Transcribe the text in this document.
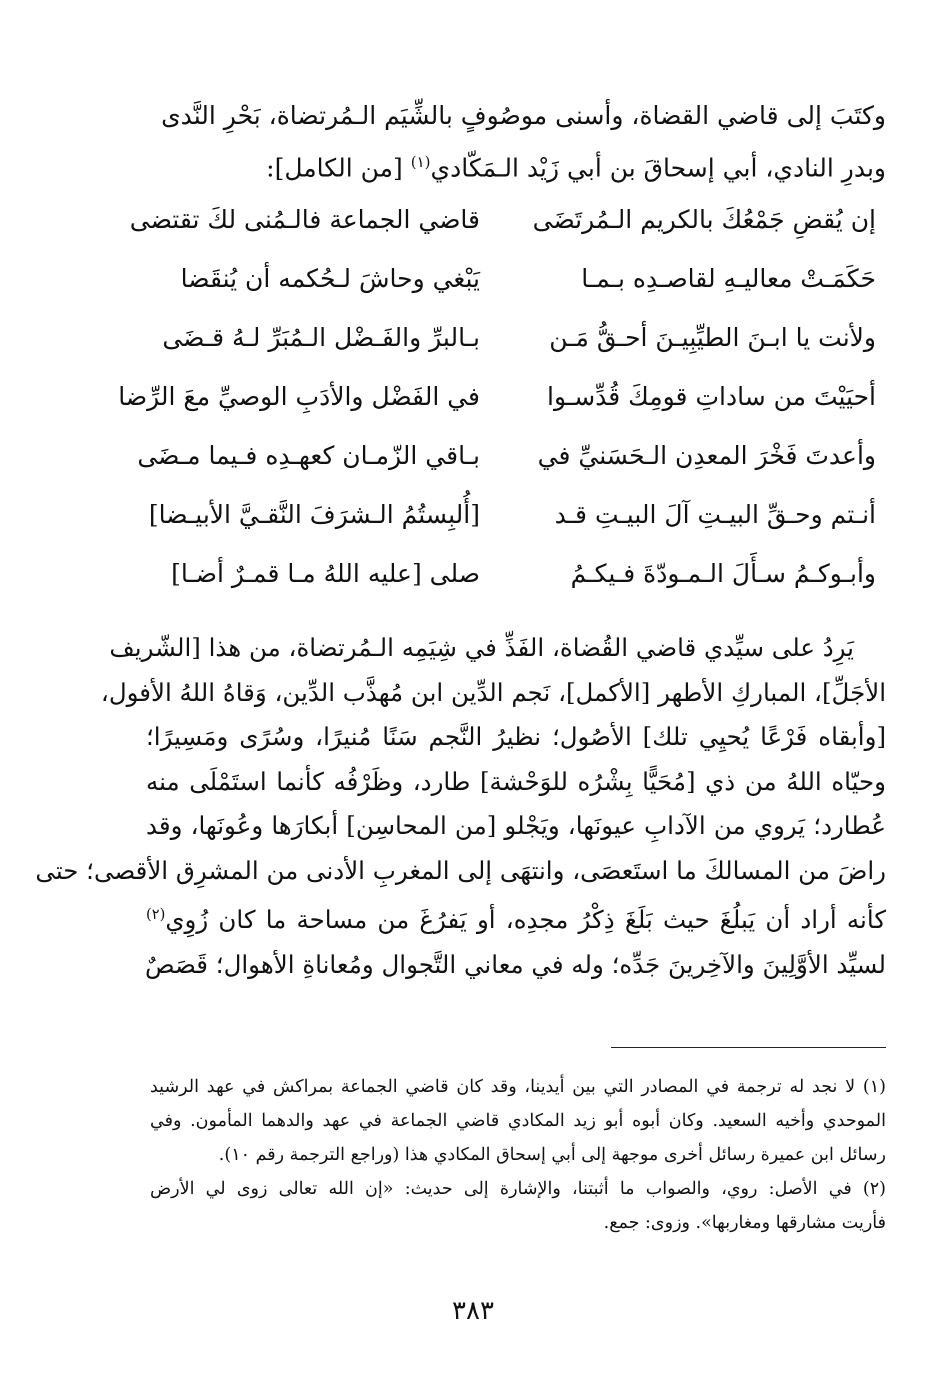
وكتَبَ إلى قاضي القضاة، وأسنى موصُوفٍ بالشِّيَم الـمُرتضاة، بَحْرِ النَّدى
وبدرِ النادي، أبي إسحاقَ بن أبي زَيْد الـمَكّادي$^{(١)}$ [من الكامل]:
إن يُقضِ جَمْعُكَ بالكريم الـمُرتَضَى
قاضي الجماعة فالـمُنى لكَ تقتضى
حَكَمَـتْ معاليـهِ لقاصـدِه بـمـا
يَبْغي وحاشَ لـحُكمه أن يُنقَضا
ولأنت يا ابـنَ الطيِّبِيـنَ أحـقُّ مَـن
بـالبرِّ والفَـضْل الـمُبَرِّ لـهُ قـضَى
أحيَيْتَ من ساداتِ قومِكَ قُدِّسـوا
في الفَضْل والأدَبِ الوصيِّ معَ الرِّضا
وأعدتَ فَخْرَ المعدِن الـحَسَنيِّ في
بـاقي الزّمـان كعهـدِه فـيما مـضَى
أنـتم وحـقِّ البيـتِ آلَ البيـتِ قـد
[أُلبِستُمُ الـشرَفَ النَّقـيَّ الأبيـضا]
وأبـوكـمُ سـأَلَ الـمـودّةَ فـيكـمُ
صلى [عليه اللهُ مـا قمـرٌ أضـا]
يَرِدُ على سيِّدي قاضي القُضاة، الفَذِّ في شِيَمِه الـمُرتضاة، من هذا [الشّريف
الأجَلِّ]، المباركِ الأطهر [الأكمل]، نَجم الدِّين ابن مُهذَّب الدِّين، وَقاهُ اللهُ الأفول،
[وأبقاه فَرْعًا يُحيِي تلك] الأصُول؛ نظيرُ النَّجم سَنًا مُنيرًا، وسُرًى ومَسِيرًا؛
وحيّاه اللهُ من ذي [مُحَيًّا بِشْرُه للوَحْشة] طارد، وظَرْفُه كأنما استَمْلَى منه
عُطارد؛ يَروي من الآدابِ عيونَها، ويَجْلو [من المحاسِن] أبكارَها وعُونَها، وقد
راضَ من المسالكَ ما استَعصَى، وانتهَى إلى المغربِ الأدنى من المشرِق الأقصى؛ حتى
كأنه أراد أن يَبلُغَ حيث بَلَغَ ذِكْرُ مجدِه، أو يَفرُغَ من مساحة ما كان زُوِي$^{(٢)}$
لسيِّد الأوَّلِينَ والآخِرينَ جَدِّه؛ وله في معاني التَّجوال ومُعاناةِ الأهوال؛ قَصَصٌ
(١) لا نجد له ترجمة في المصادر التي بين أيدينا، وقد كان قاضي الجماعة بمراكش في عهد الرشيد
الموحدي وأخيه السعيد. وكان أبوه أبو زيد المكادي قاضي الجماعة في عهد والدهما المأمون. وفي
رسائل ابن عميرة رسائل أخرى موجهة إلى أبي إسحاق المكادي هذا (وراجع الترجمة رقم ١٠).
(٢) في الأصل: روي، والصواب ما أثبتنا، والإشارة إلى حديث: «إن الله تعالى زوى لي الأرض
فأريت مشارقها ومغاربها». وزوى: جمع.
٣٨٣
